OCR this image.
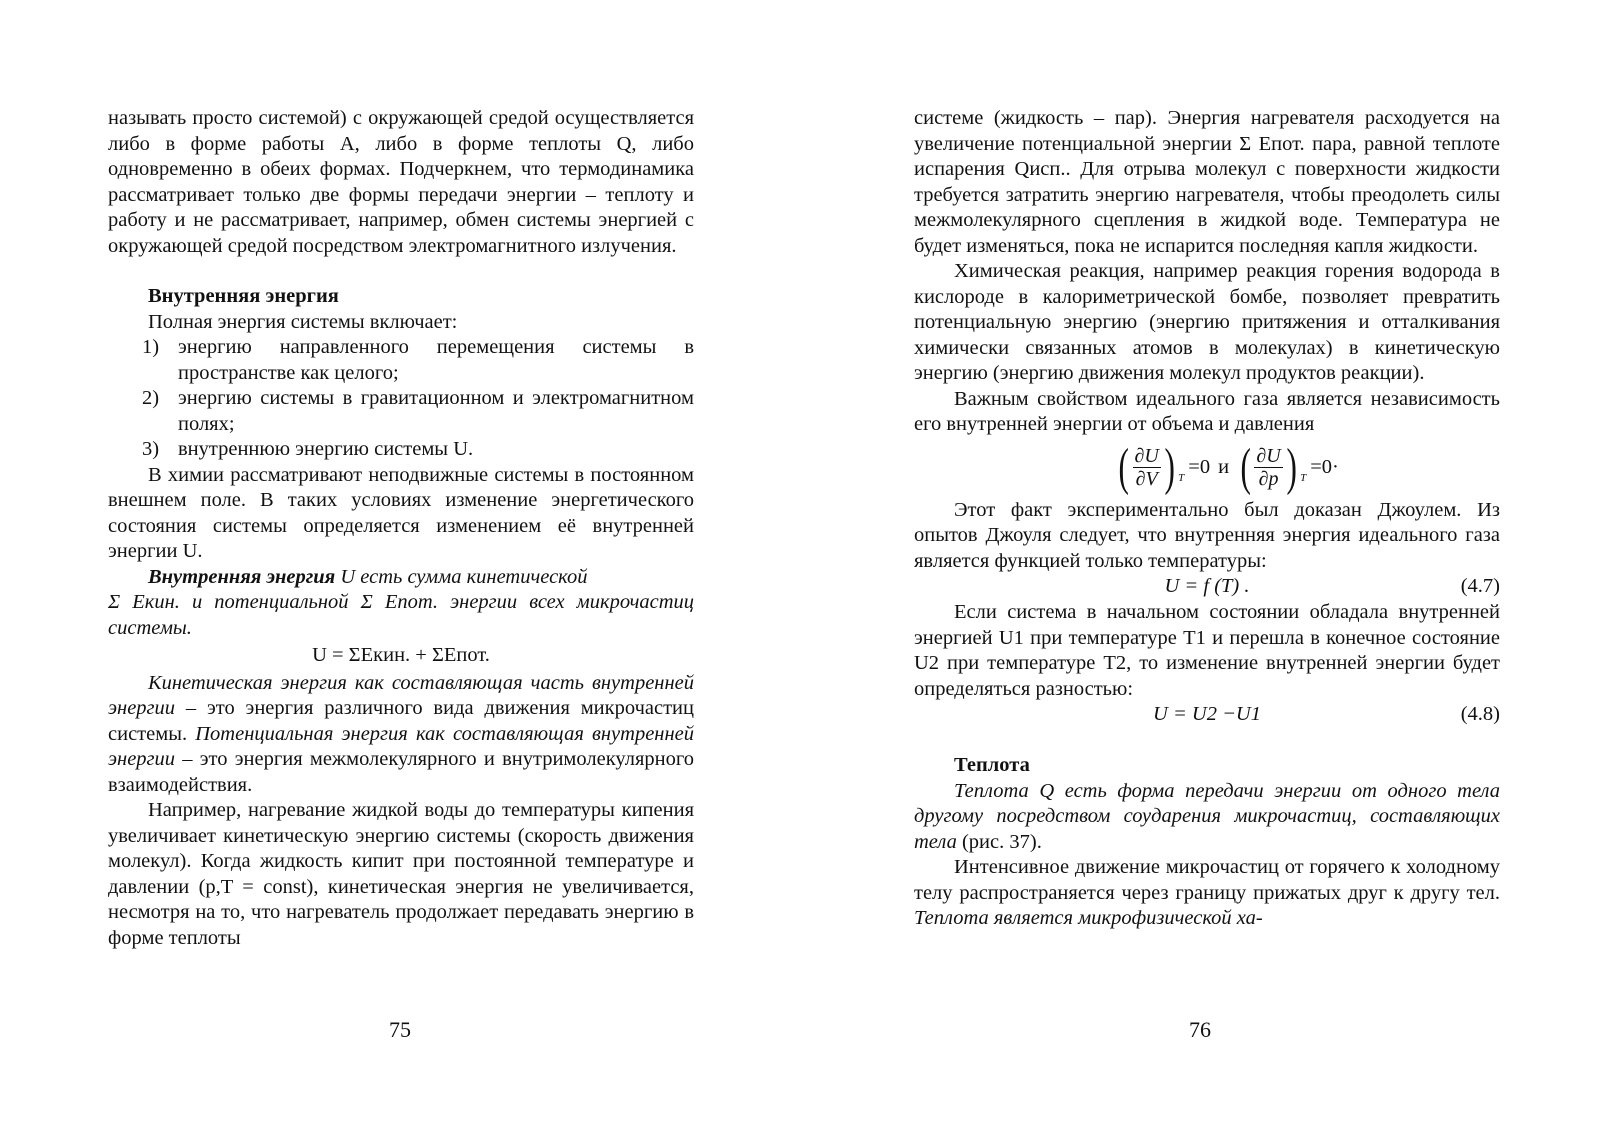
называть просто системой) с окружающей средой осуществляется либо в форме работы A, либо в форме теплоты Q, либо одновременно в обеих формах. Подчеркнем, что термодинамика рассматривает только две формы передачи энергии – теплоту и работу и не рассматривает, например, обмен системы энергией с окружающей средой посредством электромагнитного излучения.

Внутренняя энергия

Полная энергия системы включает:

1) энергию направленного перемещения системы в пространстве как целого;
2) энергию системы в гравитационном и электромагнитном полях;
3) внутреннюю энергию системы U.

В химии рассматривают неподвижные системы в постоянном внешнем поле. В таких условиях изменение энергетического состояния системы определяется изменением её внутренней энергии U.

Внутренняя энергия U есть сумма кинетической

Σ Eкин. и потенциальной Σ Eпот. энергии всех микрочастиц системы.

U = ΣEкин. + ΣEпот.

Кинетическая энергия как составляющая часть внутренней энергии – это энергия различного вида движения микрочастиц системы. Потенциальная энергия как составляющая внутренней энергии – это энергия межмолекулярного и внутримолекулярного взаимодействия.

Например, нагревание жидкой воды до температуры кипения увеличивает кинетическую энергию системы (скорость движения молекул). Когда жидкость кипит при постоянной температуре и давлении (p,T = const), кинетическая энергия не увеличивается, несмотря на то, что нагреватель продолжает передавать энергию в форме теплоты

75

системе (жидкость – пар). Энергия нагревателя расходуется на увеличение потенциальной энергии Σ Eпот. пара, равной теплоте испарения Qисп.. Для отрыва молекул с поверхности жидкости требуется затратить энергию нагревателя, чтобы преодолеть силы межмолекулярного сцепления в жидкой воде. Температура не будет изменяться, пока не испарится последняя капля жидкости.

Химическая реакция, например реакция горения водорода в кислороде в калориметрической бомбе, позволяет превратить потенциальную энергию (энергию притяжения и отталкивания химически связанных атомов в молекулах) в кинетическую энергию (энергию движения молекул продуктов реакции).

Важным свойством идеального газа является независимость его внутренней энергии от объема и давления

( $\frac{\partial U}{\partial V}$ ) T
=0 и ( $\frac{\partial U}{\partial p}$ ) T
=0·

Этот факт экспериментально был доказан Джоулем. Из опытов Джоуля следует, что внутренняя энергия идеального газа является функцией только температуры:

U = f (T) .	(4.7)

Если система в начальном состоянии обладала внутренней энергией U1 при температуре T1 и перешла в конечное состояние U2 при температуре T2, то изменение внутренней энергии будет определяться разностью:

U = U2 −U1	(4.8)

Теплота

Теплота Q есть форма передачи энергии от одного тела другому посредством соударения микрочастиц, составляющих тела (рис. 37).

Интенсивное движение микрочастиц от горячего к холодному телу распространяется через границу прижатых друг к другу тел. Теплота является микрофизической ха-

76
